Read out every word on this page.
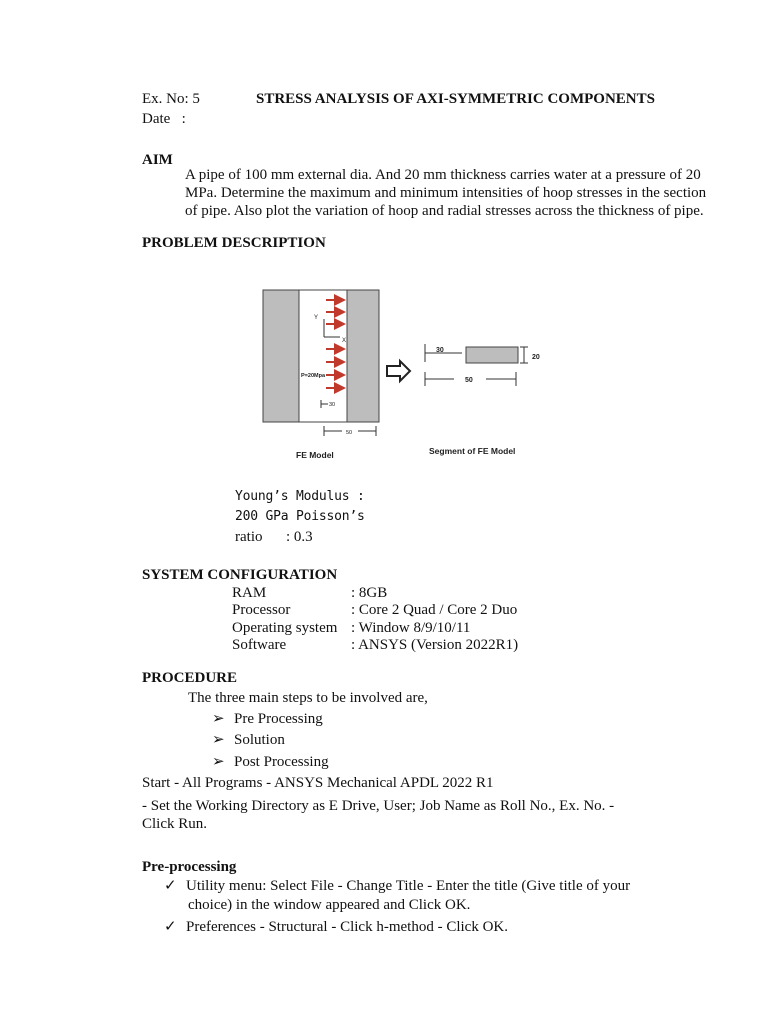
Ex. No: 5	STRESS ANALYSIS OF AXI-SYMMETRIC COMPONENTS
Date   :
AIM
A pipe of 100 mm external dia. And 20 mm thickness carries water at a pressure of 20 MPa. Determine the maximum and minimum intensities of hoop stresses in the section of pipe. Also plot the variation of hoop and radial stresses across the thickness of pipe.
PROBLEM DESCRIPTION
Y
X
P=20Mpa
30
50
30
20
50
FE Model	Segment of FE Model
Young’s Modulus :
200 GPa Poisson’s
ratio : 0.3
SYSTEM CONFIGURATION
RAM	: 8GB
Processor	: Core 2 Quad / Core 2 Duo
Operating system : Window 8/9/10/11
Software	: ANSYS (Version 2022R1)
PROCEDURE
The three main steps to be involved are,
➢ Pre Processing
➢ Solution
➢ Post Processing
Start - All Programs - ANSYS Mechanical APDL 2022 R1
- Set the Working Directory as E Drive, User; Job Name as Roll No., Ex. No. -
Click Run.
Pre-processing
✓ Utility menu: Select File - Change Title - Enter the title (Give title of your
choice) in the window appeared and Click OK.
✓ Preferences - Structural - Click h-method - Click OK.
